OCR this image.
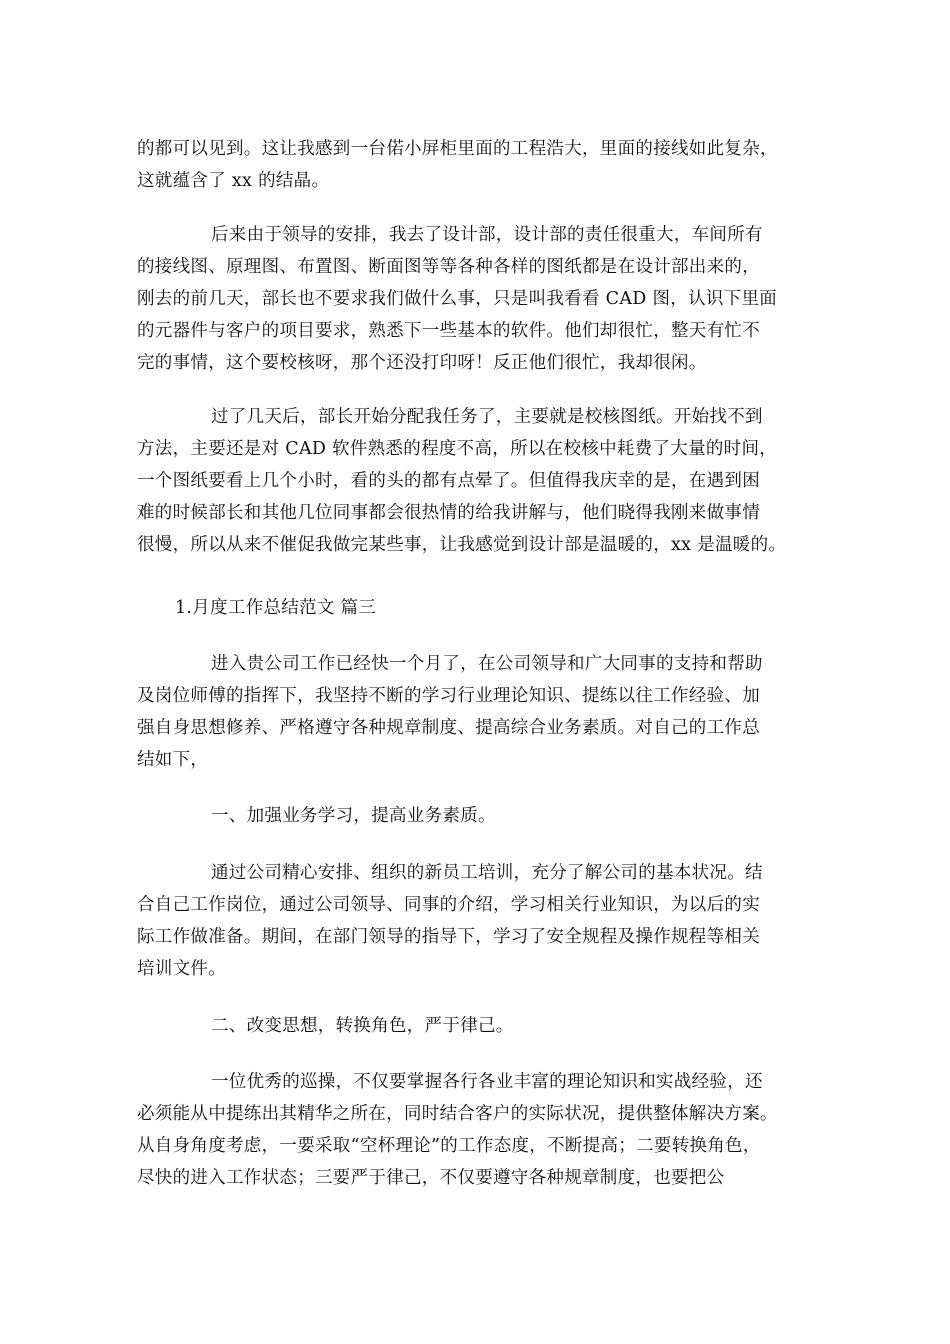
的都可以见到。这让我感到一台偌小屏柜里面的工程浩大，里面的接线如此复杂，
这就蕴含了 xx 的结晶。
后来由于领导的安排，我去了设计部，设计部的责任很重大，车间所有
的接线图、原理图、布置图、断面图等等各种各样的图纸都是在设计部出来的，
刚去的前几天，部长也不要求我们做什么事，只是叫我看看 CAD 图，认识下里面
的元器件与客户的项目要求，熟悉下一些基本的软件。他们却很忙，整天有忙不
完的事情，这个要校核呀，那个还没打印呀！反正他们很忙，我却很闲。
过了几天后，部长开始分配我任务了，主要就是校核图纸。开始找不到
方法，主要还是对 CAD 软件熟悉的程度不高，所以在校核中耗费了大量的时间，
一个图纸要看上几个小时，看的头的都有点晕了。但值得我庆幸的是，在遇到困
难的时候部长和其他几位同事都会很热情的给我讲解与，他们晓得我刚来做事情
很慢，所以从来不催促我做完某些事，让我感觉到设计部是温暖的，xx 是温暖的。
1.月度工作总结范文 篇三
进入贵公司工作已经快一个月了，在公司领导和广大同事的支持和帮助
及岗位师傅的指挥下，我坚持不断的学习行业理论知识、提练以往工作经验、加
强自身思想修养、严格遵守各种规章制度、提高综合业务素质。对自己的工作总
结如下，
一、加强业务学习，提高业务素质。
通过公司精心安排、组织的新员工培训，充分了解公司的基本状况。结
合自己工作岗位，通过公司领导、同事的介绍，学习相关行业知识，为以后的实
际工作做准备。期间，在部门领导的指导下，学习了安全规程及操作规程等相关
培训文件。
二、改变思想，转换角色，严于律己。
一位优秀的巡操，不仅要掌握各行各业丰富的理论知识和实战经验，还
必须能从中提练出其精华之所在，同时结合客户的实际状况，提供整体解决方案。
从自身角度考虑，一要采取“空杯理论”的工作态度，不断提高；二要转换角色，
尽快的进入工作状态；三要严于律己，不仅要遵守各种规章制度，也要把公
